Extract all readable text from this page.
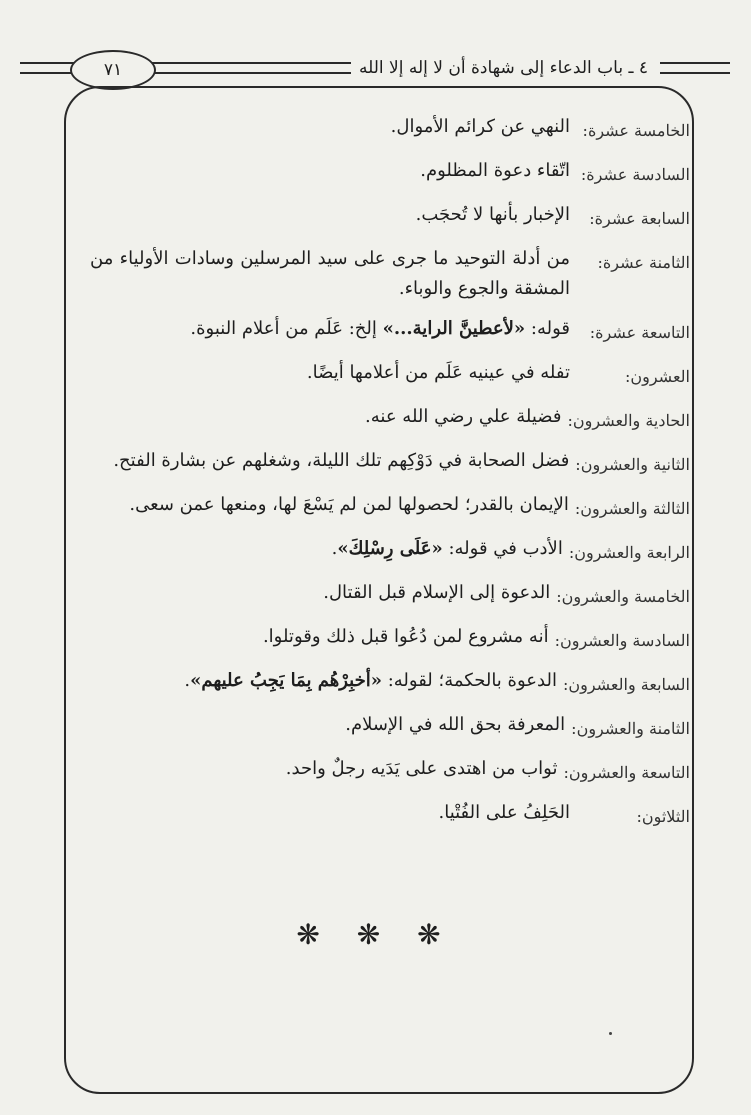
٧١	٤ ـ باب الدعاء إلى شهادة أن لا إله إلا الله
الخامسة عشرة:
النهي عن كرائم الأموال.
السادسة عشرة:
اتّقاء دعوة المظلوم.
السابعة عشرة:
الإخبار بأنها لا تُحجَب.
الثامنة عشرة:
من أدلة التوحيد ما جرى على سيد المرسلين وسادات الأولياء من المشقة والجوع والوباء.
التاسعة عشرة:
قوله: «لأعطينَّ الراية...» إلخ: عَلَم من أعلام النبوة.
العشرون:
تفله في عينيه عَلَم من أعلامها أيضًا.
الحادية والعشرون:
فضيلة علي رضي الله عنه.
الثانية والعشرون:
فضل الصحابة في دَوْكِهم تلك الليلة، وشغلهم عن بشارة الفتح.
الثالثة والعشرون:
الإيمان بالقدر؛ لحصولها لمن لم يَسْعَ لها، ومنعها عمن سعى.
الرابعة والعشرون:
الأدب في قوله: «عَلَى رِسْلِكَ».
الخامسة والعشرون:
الدعوة إلى الإسلام قبل القتال.
السادسة والعشرون:
أنه مشروع لمن دُعُوا قبل ذلك وقوتلوا.
السابعة والعشرون:
الدعوة بالحكمة؛ لقوله: «أخبِرْهُم بِمَا يَجِبُ عليهم».
الثامنة والعشرون:
المعرفة بحق الله في الإسلام.
التاسعة والعشرون:
ثواب من اهتدى على يَدَيه رجلٌ واحد.
الثلاثون:
الحَلِفُ على الفُتْيا.
❋ ❋ ❋
